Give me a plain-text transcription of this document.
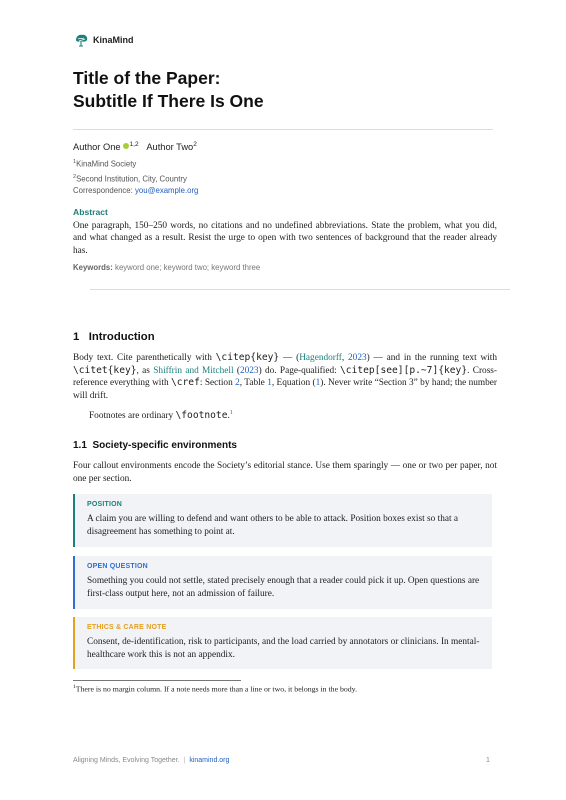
KinaMind
Title of the Paper:
Subtitle If There Is One
Author One $^{1,2}$ Author Two$^2$
$^1$KinaMind Society
$^2$Second Institution, City, Country
Correspondence: you@example.org
Abstract
One paragraph, 150–250 words, no citations and no undefined abbreviations. State the problem, what you did, and what changed as a result. Resist the urge to open with two sentences of background that the reader already has.
Keywords: keyword one; keyword two; keyword three
1 Introduction
Body text. Cite parenthetically with \citep{key} — (Hagendorff, 2023) — and in the running text with \citet{key}, as Shiffrin and Mitchell (2023) do. Page-qualified: \citep[see][p.~7]{key}. Cross-reference everything with \cref: Section 2, Table 1, Equation (1). Never write “Section 3” by hand; the number will drift.
Footnotes are ordinary \footnote.$^1$
1.1 Society-specific environments
Four callout environments encode the Society’s editorial stance. Use them sparingly — one or two per paper, not one per section.
POSITION
A claim you are willing to defend and want others to be able to attack. Position boxes exist so that a disagreement has something to point at.
OPEN QUESTION
Something you could not settle, stated precisely enough that a reader could pick it up. Open questions are first-class output here, not an admission of failure.
ETHICS & CARE NOTE
Consent, de-identification, risk to participants, and the load carried by annotators or clinicians. In mental-healthcare work this is not an appendix.
$^1$There is no margin column. If a note needs more than a line or two, it belongs in the body.
Aligning Minds, Evolving Together. | kinamind.org	1
